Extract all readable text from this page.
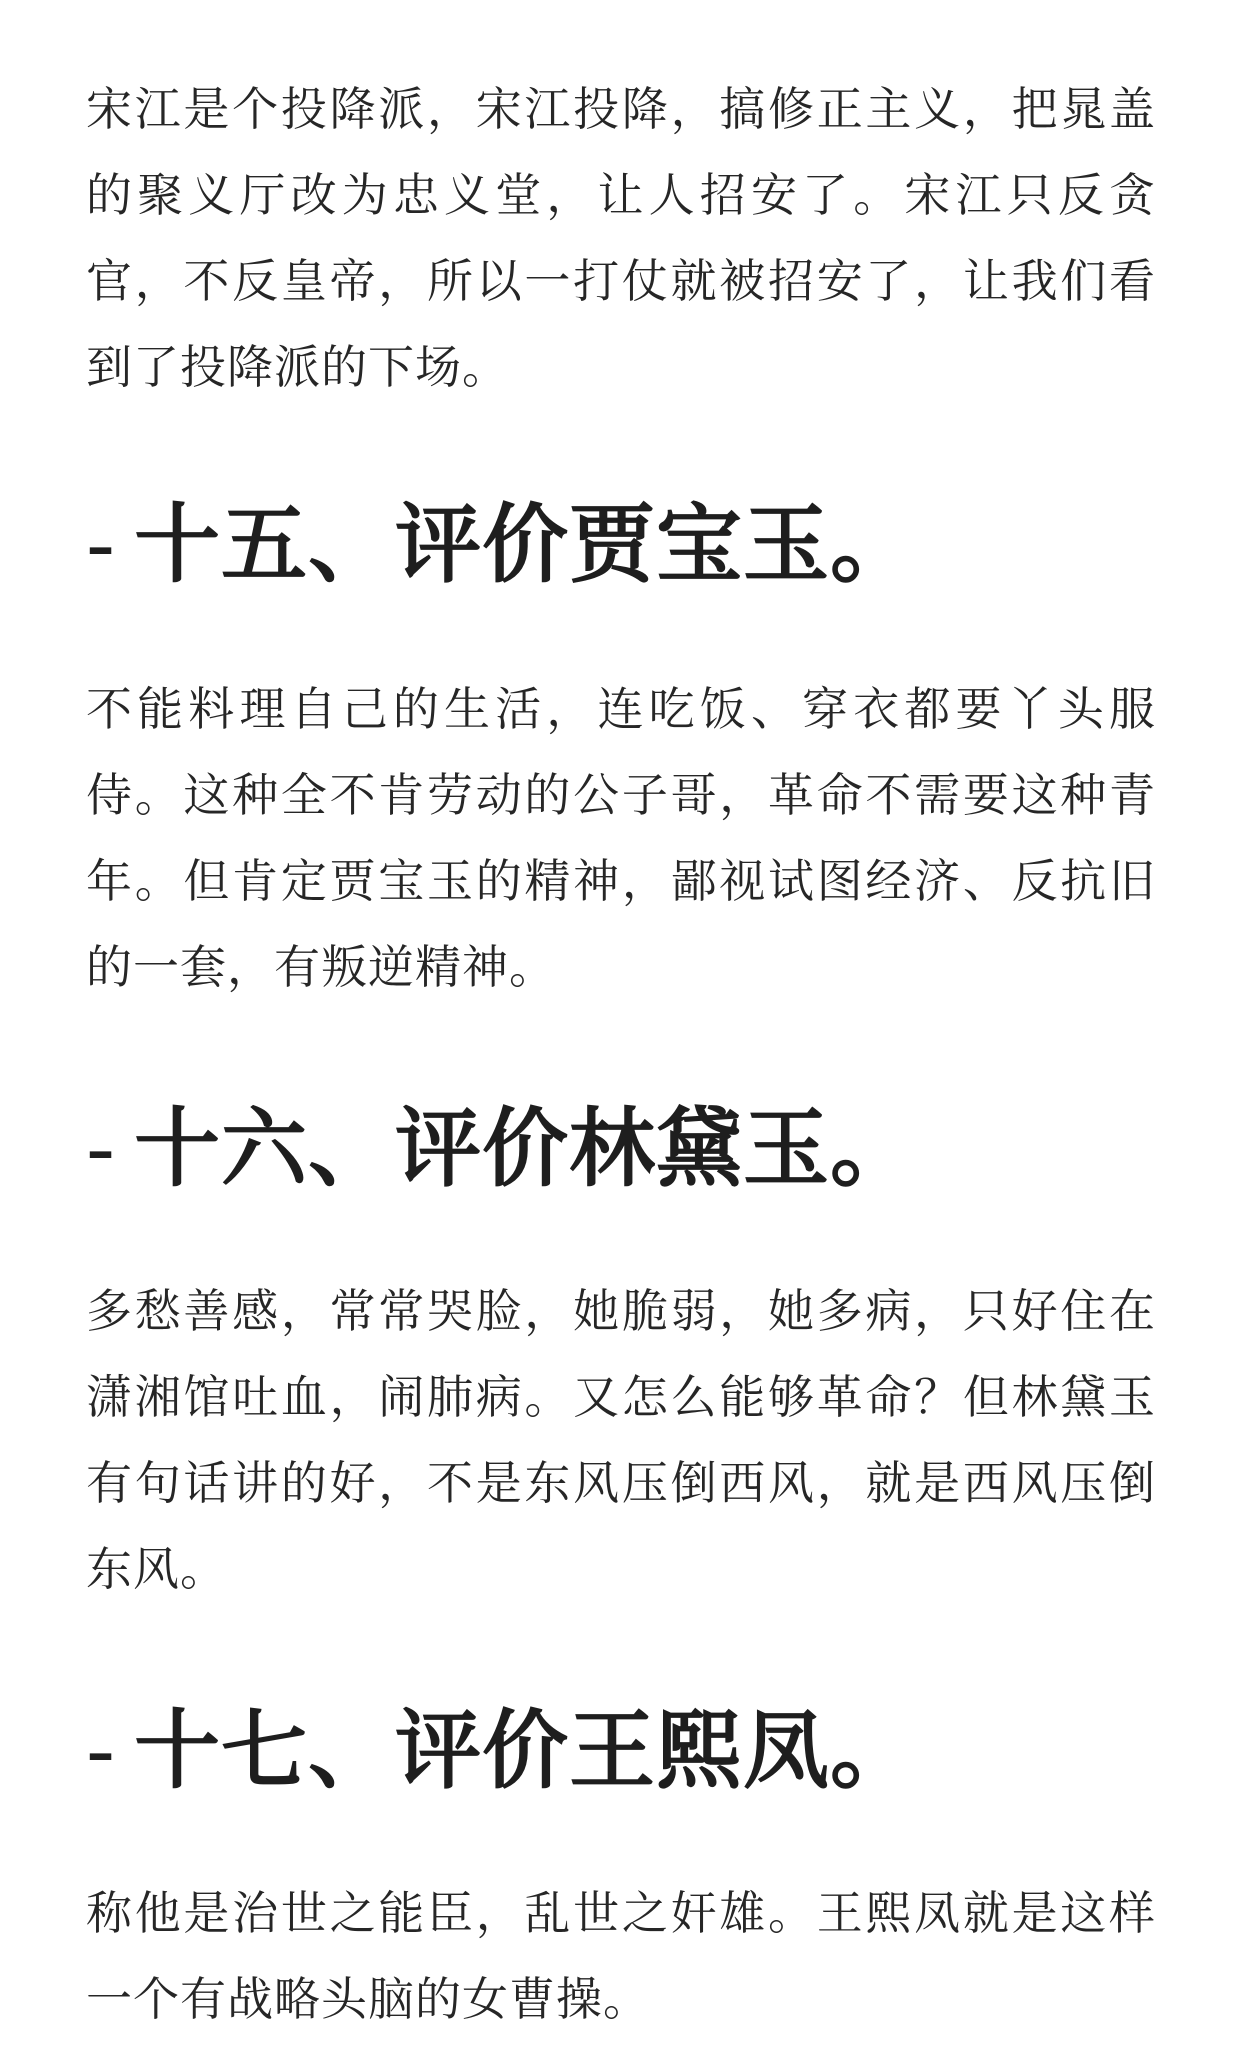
宋江是个投降派，宋江投降，搞修正主义，把晁盖的聚义厅改为忠义堂，让人招安了。宋江只反贪官，不反皇帝，所以一打仗就被招安了，让我们看到了投降派的下场。

- 十五、评价贾宝玉。

不能料理自己的生活，连吃饭、穿衣都要丫头服侍。这种全不肯劳动的公子哥，革命不需要这种青年。但肯定贾宝玉的精神，鄙视试图经济、反抗旧的一套，有叛逆精神。

- 十六、评价林黛玉。

多愁善感，常常哭脸，她脆弱，她多病，只好住在潇湘馆吐血，闹肺病。又怎么能够革命？但林黛玉有句话讲的好，不是东风压倒西风，就是西风压倒东风。

- 十七、评价王熙凤。

称他是治世之能臣，乱世之奸雄。王熙凤就是这样一个有战略头脑的女曹操。
